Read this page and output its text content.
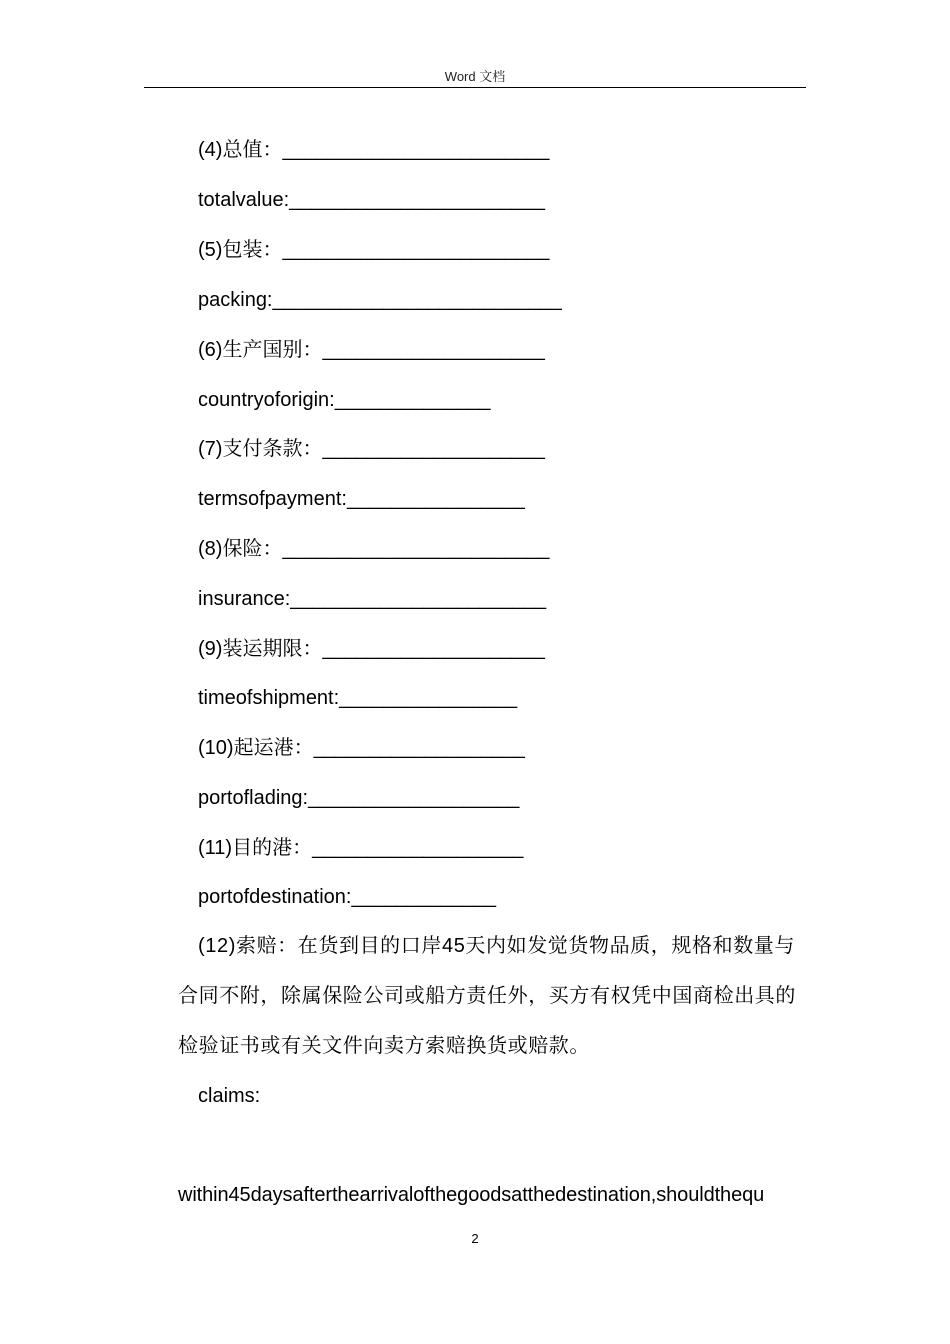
Word 文档
(4)总值：________________________
totalvalue:_______________________
(5)包装：________________________
packing:__________________________
(6)生产国别：____________________
countryoforigin:______________
(7)支付条款：____________________
termsofpayment:________________
(8)保险：________________________
insurance:_______________________
(9)装运期限：____________________
timeofshipment:________________
(10)起运港：___________________
portoflading:___________________
(11)目的港：___________________
portofdestination:_____________
(12)索赔：在货到目的口岸45天内如发觉货物品质，规格和数量与合同不附，除属保险公司或船方责任外，买方有权凭中国商检出具的检验证书或有关文件向卖方索赔换货或赔款。
claims:
within45daysafterthearrivalofthegoodsatthedestination,shouldthequ
2
